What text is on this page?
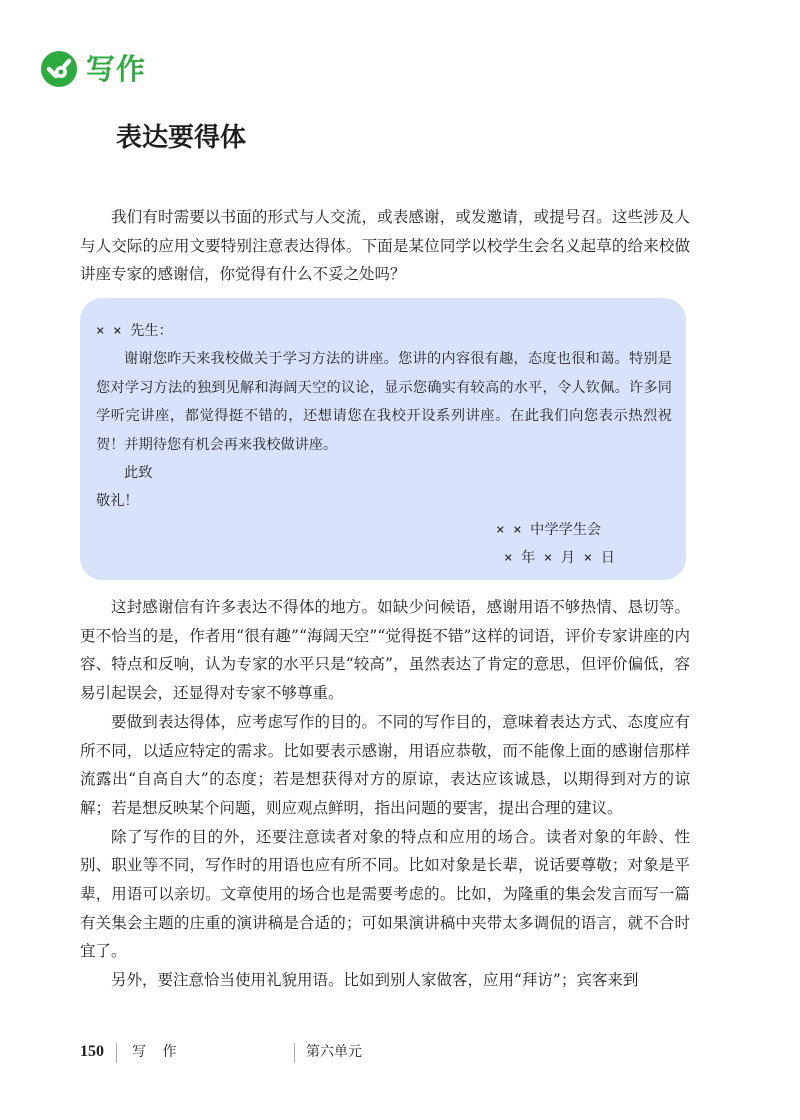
写作
表达要得体

我们有时需要以书面的形式与人交流，或表感谢，或发邀请，或提号召。这些涉及人与人交际的应用文要特别注意表达得体。下面是某位同学以校学生会名义起草的给来校做讲座专家的感谢信，你觉得有什么不妥之处吗？

× × 先生：

谢谢您昨天来我校做关于学习方法的讲座。您讲的内容很有趣，态度也很和蔼。特别是您对学习方法的独到见解和海阔天空的议论，显示您确实有较高的水平，令人钦佩。许多同学听完讲座，都觉得挺不错的，还想请您在我校开设系列讲座。在此我们向您表示热烈祝贺！并期待您有机会再来我校做讲座。

此致

敬礼！

× × 中学学生会

× 年 × 月 × 日

这封感谢信有许多表达不得体的地方。如缺少问候语，感谢用语不够热情、恳切等。更不恰当的是，作者用“很有趣”“海阔天空”“觉得挺不错”这样的词语，评价专家讲座的内容、特点和反响，认为专家的水平只是“较高”，虽然表达了肯定的意思，但评价偏低，容易引起误会，还显得对专家不够尊重。

要做到表达得体，应考虑写作的目的。不同的写作目的，意味着表达方式、态度应有所不同，以适应特定的需求。比如要表示感谢，用语应恭敬，而不能像上面的感谢信那样流露出“自高自大”的态度；若是想获得对方的原谅，表达应该诚恳，以期得到对方的谅解；若是想反映某个问题，则应观点鲜明，指出问题的要害，提出合理的建议。

除了写作的目的外，还要注意读者对象的特点和应用的场合。读者对象的年龄、性别、职业等不同，写作时的用语也应有所不同。比如对象是长辈，说话要尊敬；对象是平辈，用语可以亲切。文章使用的场合也是需要考虑的。比如，为隆重的集会发言而写一篇有关集会主题的庄重的演讲稿是合适的；可如果演讲稿中夹带太多调侃的语言，就不合时宜了。

另外，要注意恰当使用礼貌用语。比如到别人家做客，应用“拜访”；宾客来到

150 写 作	第六单元
